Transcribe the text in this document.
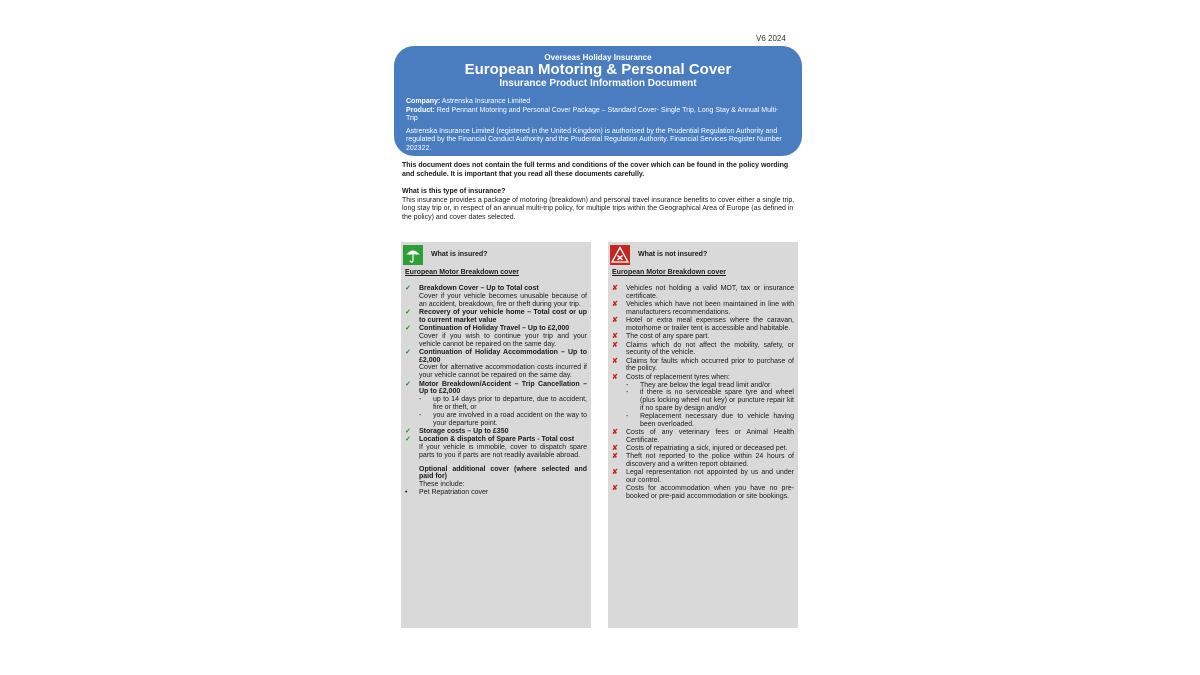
V6 2024
Overseas Holiday Insurance
European Motoring & Personal Cover
Insurance Product Information Document

Company: Astrenska Insurance Limited

Product: Red Pennant Motoring and Personal Cover Package – Standard Cover- Single Trip, Long Stay & Annual Multi-Trip

Astrenska Insurance Limited (registered in the United Kingdom) is authorised by the Prudential Regulation Authority and regulated by the Financial Conduct Authority and the Prudential Regulation Authority. Financial Services Register Number 202322.

This document does not contain the full terms and conditions of the cover which can be found in the policy wording and schedule. It is important that you read all these documents carefully.

What is this type of insurance?

This insurance provides a package of motoring (breakdown) and personal travel insurance benefits to cover either a single trip, long stay trip or, in respect of an annual multi-trip policy, for multiple trips within the Geographical Area of Europe (as defined in the policy) and cover dates selected.

What is insured?
European Motor Breakdown cover
✓ Breakdown Cover – Up to Total cost
Cover if your vehicle becomes unusable because of an accident, breakdown, fire or theft during your trip.
✓ Recovery of your vehicle home – Total cost or up to current market value
✓ Continuation of Holiday Travel – Up to £2,000
Cover if you wish to continue your trip and your vehicle cannot be repaired on the same day.
✓ Continuation of Holiday Accommodation – Up to £2,000
Cover for alternative accommodation costs incurred if your vehicle cannot be repaired on the same day.
✓ Motor Breakdown/Accident – Trip Cancellation – Up to £2,000
- up to 14 days prior to departure, due to accident, fire or theft, or
- you are involved in a road accident on the way to your departure point.
✓ Storage costs – Up to £350
✓ Location & dispatch of Spare Parts - Total cost
If your vehicle is immobile, cover to dispatch spare parts to you if parts are not readily available abroad.
Optional additional cover (where selected and paid for)
These include:
• Pet Repatriation cover
What is not insured?
European Motor Breakdown cover
✘ Vehicles not holding a valid MOT, tax or insurance certificate.
✘ Vehicles which have not been maintained in line with manufacturers recommendations.
✘ Hotel or extra meal expenses where the caravan, motorhome or trailer tent is accessible and habitable.
✘ The cost of any spare part.
✘ Claims which do not affect the mobility, safety, or security of the vehicle.
✘ Claims for faults which occurred prior to purchase of the policy.
✘ Costs of replacement tyres when:
- They are below the legal tread limit and/or
- if there is no serviceable spare tyre and wheel (plus locking wheel nut key) or puncture repair kit if no spare by design and/or
- Replacement necessary due to vehicle having been overloaded.
✘ Costs of any veterinary fees or Animal Health Certificate.
✘ Costs of repatriating a sick, injured or deceased pet.
✘ Theft not reported to the police within 24 hours of discovery and a written report obtained.
✘ Legal representation not appointed by us and under our control.
✘ Costs for accommodation when you have no pre-booked or pre-paid accommodation or site bookings.
